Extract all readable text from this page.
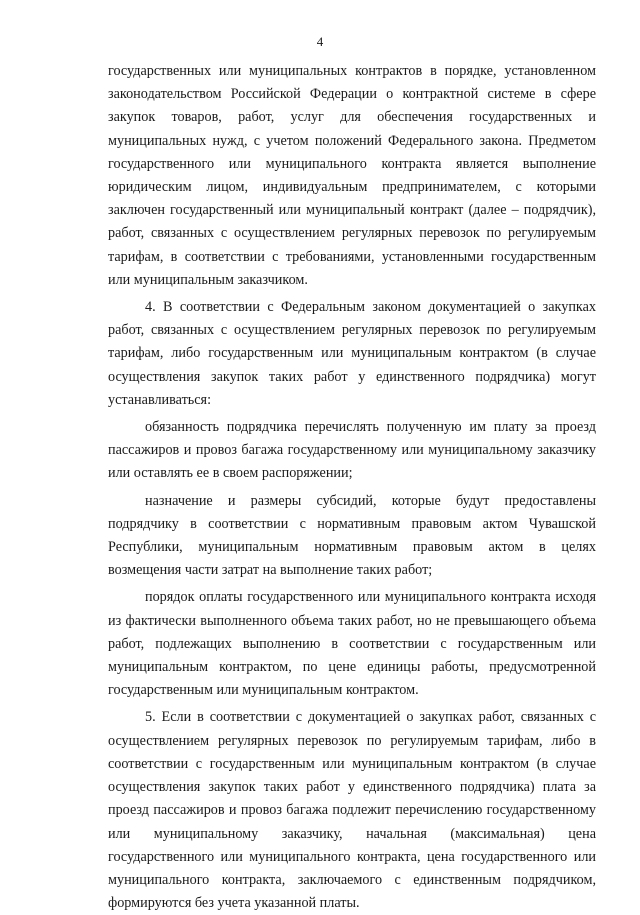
4

государственных или муниципальных контрактов в порядке, установленном законодательством Российской Федерации о контрактной системе в сфере закупок товаров, работ, услуг для обеспечения государственных и муниципальных нужд, с учетом положений Федерального закона. Предметом государственного или муниципального контракта является выполнение юридическим лицом, индивидуальным предпринимателем, с которыми заключен государственный или муниципальный контракт (далее – подрядчик), работ, связанных с осуществлением регулярных перевозок по регулируемым тарифам, в соответствии с требованиями, установленными государственным или муниципальным заказчиком.

4. В соответствии с Федеральным законом документацией о закупках работ, связанных с осуществлением регулярных перевозок по регулируемым тарифам, либо государственным или муниципальным контрактом (в случае осуществления закупок таких работ у единственного подрядчика) могут устанавливаться:

обязанность подрядчика перечислять полученную им плату за проезд пассажиров и провоз багажа государственному или муниципальному заказчику или оставлять ее в своем распоряжении;

назначение и размеры субсидий, которые будут предоставлены подрядчику в соответствии с нормативным правовым актом Чувашской Республики, муниципальным нормативным правовым актом в целях возмещения части затрат на выполнение таких работ;

порядок оплаты государственного или муниципального контракта исходя из фактически выполненного объема таких работ, но не превышающего объема работ, подлежащих выполнению в соответствии с государственным или муниципальным контрактом, по цене единицы работы, предусмотренной государственным или муниципальным контрактом.

5. Если в соответствии с документацией о закупках работ, связанных с осуществлением регулярных перевозок по регулируемым тарифам, либо в соответствии с государственным или муниципальным контрактом (в случае осуществления закупок таких работ у единственного подрядчика) плата за проезд пассажиров и провоз багажа подлежит перечислению государственному или муниципальному заказчику, начальная (максимальная) цена государственного или муниципального контракта, цена государственного или муниципального контракта, заключаемого с единственным подрядчиком, формируются без учета указанной платы.
